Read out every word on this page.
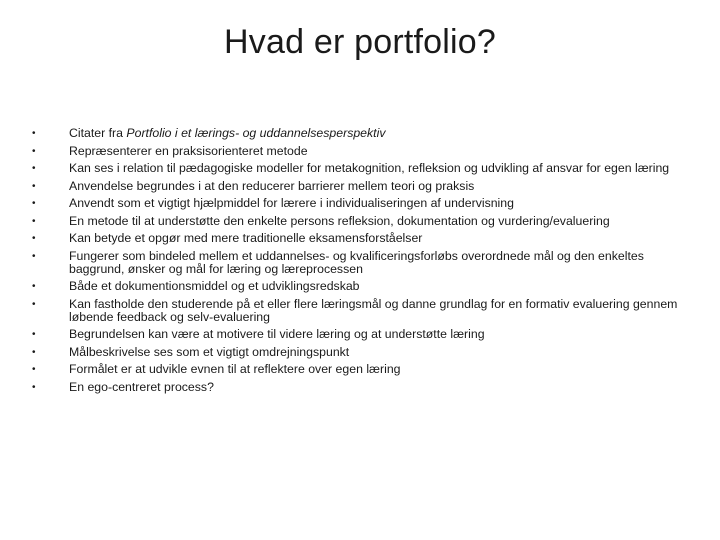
Hvad er portfolio?
•	Citater fra Portfolio i et lærings- og uddannelsesperspektiv
•	Repræsenterer en praksisorienteret metode
•	Kan ses i relation til pædagogiske modeller for metakognition, refleksion og udvikling af ansvar for egen læring
•	Anvendelse begrundes i at den reducerer barrierer mellem teori og praksis
•	Anvendt som et vigtigt hjælpmiddel for lærere i individualiseringen af undervisning
•	En metode til at understøtte den enkelte persons refleksion, dokumentation og vurdering/evaluering
•	Kan betyde et opgør med mere traditionelle eksamensforståelser
•	Fungerer som bindeled mellem et uddannelses- og kvalificeringsforløbs overordnede mål og den enkeltes baggrund, ønsker og mål for læring og læreprocessen
•	Både et dokumentionsmiddel og et udviklingsredskab
•	Kan fastholde den studerende på et eller flere læringsmål og danne grundlag for en formativ evaluering gennem løbende feedback og selv-evaluering
•	Begrundelsen kan være at motivere til videre læring og at understøtte læring
•	Målbeskrivelse ses som et vigtigt omdrejningspunkt
•	Formålet er at udvikle evnen til at reflektere over egen læring
•	En ego-centreret process?
